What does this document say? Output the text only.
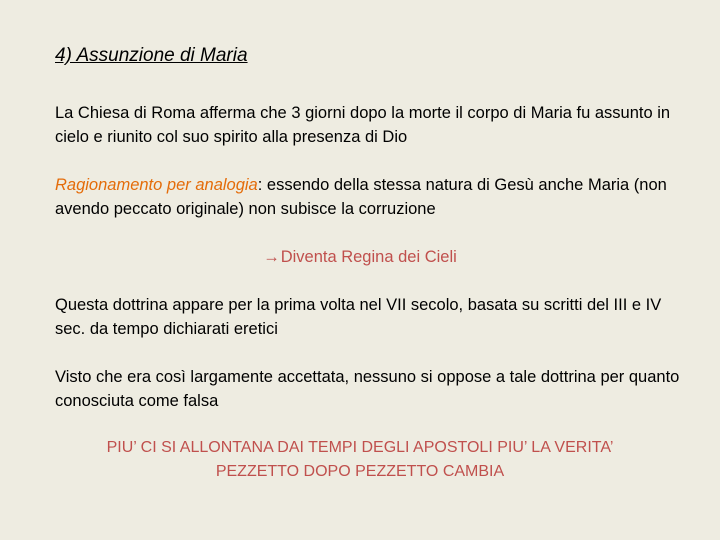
4) Assunzione di Maria
La Chiesa di Roma afferma che 3 giorni dopo la morte il corpo di Maria fu assunto in cielo e riunito col suo spirito alla presenza di Dio
Ragionamento per analogia: essendo della stessa natura di Gesù anche Maria (non avendo peccato originale) non subisce la corruzione
→Diventa Regina dei Cieli
Questa dottrina appare per la prima volta nel VII secolo, basata su scritti del III e IV sec. da tempo dichiarati eretici
Visto che era così largamente accettata, nessuno si oppose a tale dottrina per quanto conosciuta come falsa
PIU’ CI SI ALLONTANA DAI TEMPI DEGLI APOSTOLI PIU’ LA VERITA’
PEZZETTO DOPO PEZZETTO CAMBIA
